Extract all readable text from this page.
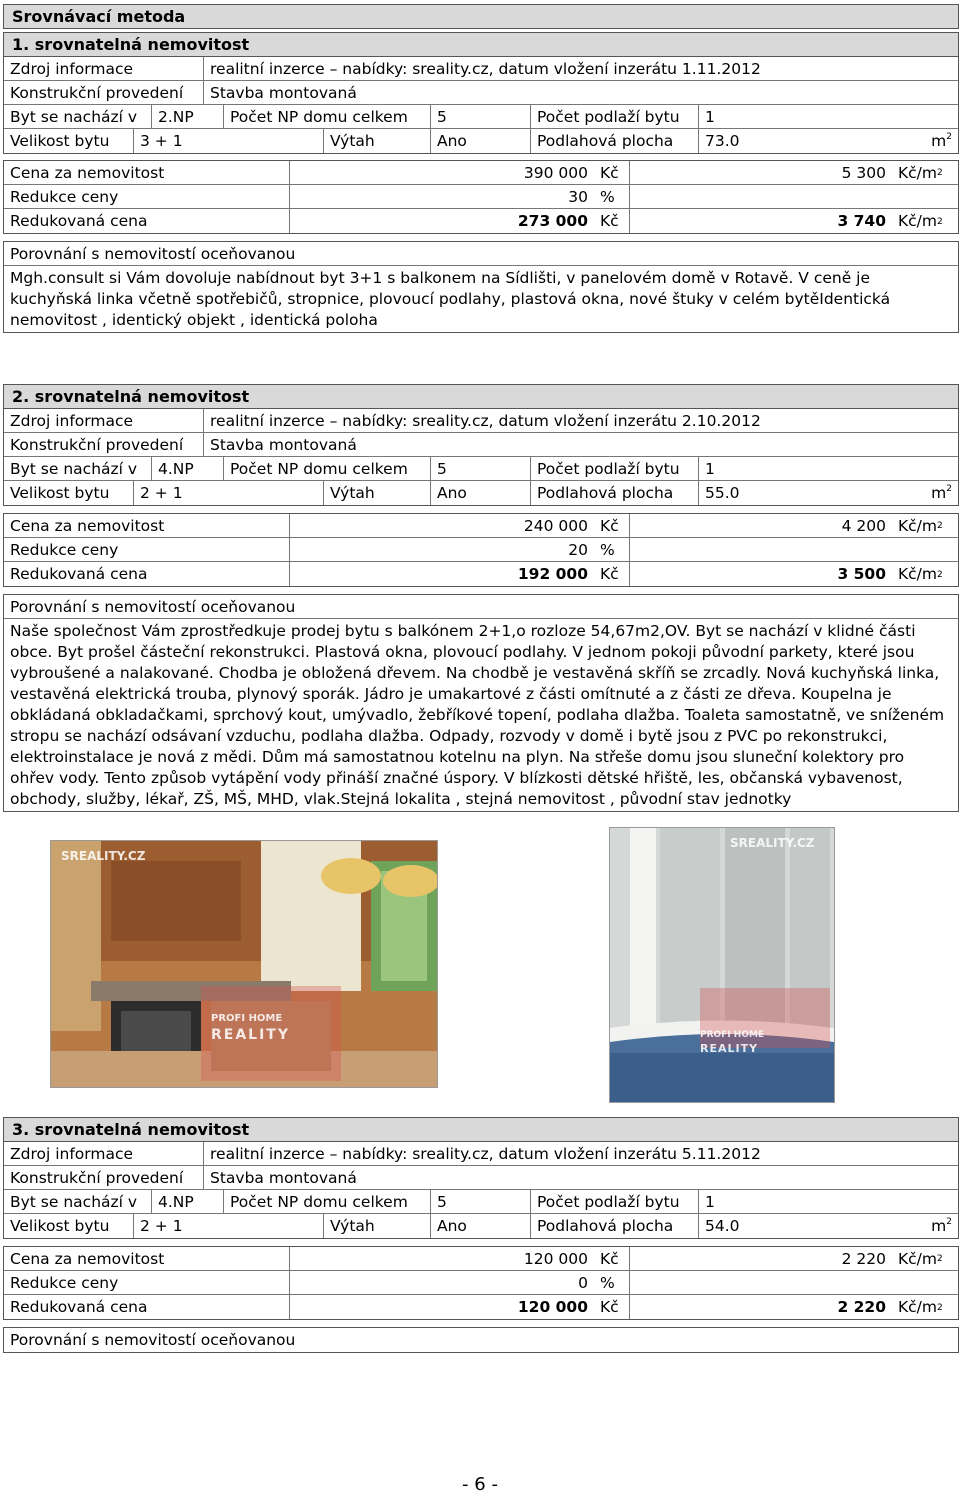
Srovnávací metoda
1. srovnatelná nemovitost
Zdroj informace	realitní inzerce – nabídky: sreality.cz, datum vložení inzerátu 1.11.2012
Konstrukční provedení	Stavba montovaná
Byt se nachází v	2.NP	Počet NP domu celkem	5	Počet podlaží bytu	1
Velikost bytu	3 + 1	Výtah	Ano	Podlahová plocha	73.0	$m^2$
Cena za nemovitost	390 000 Kč	5 300 Kč/m 2
Redukce ceny	30 %
Redukovaná cena	273 000 Kč	3 740 Kč/m 2
Porovnání s nemovitostí oceňovanou
Mgh.consult si Vám dovoluje nabídnout byt 3+1 s balkonem na Sídlišti, v panelovém domě v Rotavě. V ceně je kuchyňská linka včetně spotřebičů, stropnice, plovoucí podlahy, plastová okna, nové štuky v celém bytěIdentická nemovitost , identický objekt , identická poloha
2. srovnatelná nemovitost
Zdroj informace	realitní inzerce – nabídky: sreality.cz, datum vložení inzerátu 2.10.2012
Konstrukční provedení	Stavba montovaná
Byt se nachází v	4.NP	Počet NP domu celkem	5	Počet podlaží bytu	1
Velikost bytu	2 + 1	Výtah	Ano	Podlahová plocha	55.0	$m^2$
Cena za nemovitost	240 000 Kč	4 200 Kč/m 2
Redukce ceny	20 %
Redukovaná cena	192 000 Kč	3 500 Kč/m 2
Porovnání s nemovitostí oceňovanou
Naše společnost Vám zprostředkuje prodej bytu s balkónem 2+1,o rozloze 54,67m2,OV. Byt se nachází v klidné části obce. Byt prošel částeční rekonstrukci. Plastová okna, plovoucí podlahy. V jednom pokoji původní parkety, které jsou vybroušené a nalakované. Chodba je obložená dřevem. Na chodbě je vestavěná skříň se zrcadly. Nová kuchyňská linka, vestavěná elektrická trouba, plynový sporák. Jádro je umakartové z části omítnuté a z části ze dřeva. Koupelna je obkládaná obkladačkami, sprchový kout, umývadlo, žebříkové topení, podlaha dlažba. Toaleta samostatně, ve sníženém stropu se nachází odsávaní vzduchu, podlaha dlažba. Odpady, rozvody v domě i bytě jsou z PVC po rekonstrukci, elektroinstalace je nová z mědi. Dům má samostatnou kotelnu na plyn. Na střeše domu jsou sluneční kolektory pro ohřev vody. Tento způsob vytápění vody přináší značné úspory. V blízkosti dětské hřiště, les, občanská vybavenost, obchody, služby, lékař, ZŠ, MŠ, MHD, vlak.Stejná lokalita , stejná nemovitost , původní stav jednotky
SREALITY.CZ
PROFI HOME
REALITY
SREALITY.CZ
PROFI HOME
REALITY
3. srovnatelná nemovitost
Zdroj informace	realitní inzerce – nabídky: sreality.cz, datum vložení inzerátu 5.11.2012
Konstrukční provedení	Stavba montovaná
Byt se nachází v	4.NP	Počet NP domu celkem	5	Počet podlaží bytu	1
Velikost bytu	2 + 1	Výtah	Ano	Podlahová plocha	54.0	$m^2$
Cena za nemovitost	120 000 Kč	2 220 Kč/m 2
Redukce ceny	0 %
Redukovaná cena	120 000 Kč	2 220 Kč/m 2
Porovnání s nemovitostí oceňovanou
- 6 -
